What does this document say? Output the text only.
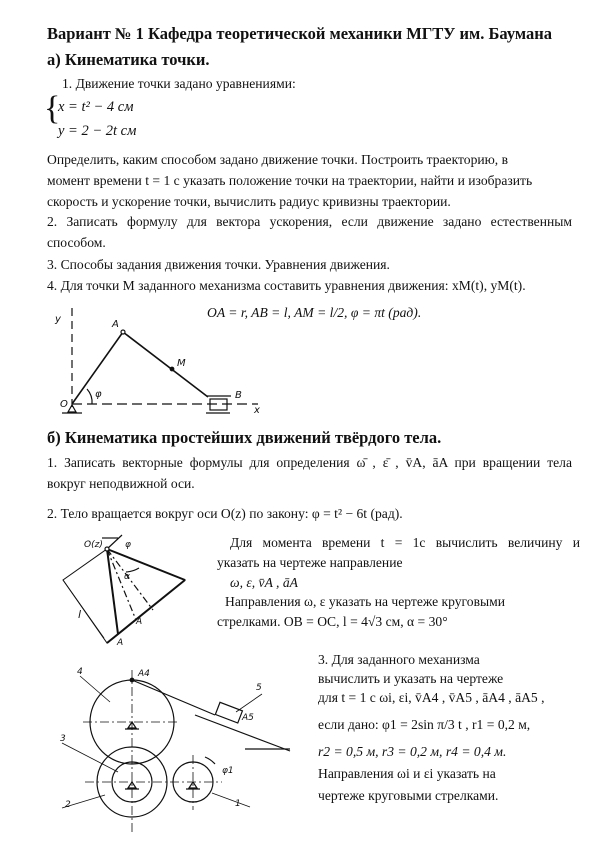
Вариант № 1 Кафедра теоретической механики МГТУ им. Баумана
а) Кинематика точки.
1. Движение точки задано уравнениями:
{
x = t² − 4 см
y = 2 − 2t см
Определить, каким способом задано движение точки. Построить траекторию, в
момент времени t = 1 с указать положение точки на траектории, найти и изобразить
скорость и ускорение точки, вычислить радиус кривизны траектории.
2. Записать формулу для вектора ускорения, если движение задано естественным
способом.
3. Способы задания движения точки. Уравнения движения.
4. Для точки M заданного механизма составить уравнения движения: xM(t), yM(t).
OA = r, AB = l, AM = l/2, φ = πt (рад).
y	A
M
B
O
x
φ
O(z) φ
l
α
A
A
4
3
2	1
5
A4
A5
φ1
б) Кинематика простейших движений твёрдого тела.
1. Записать векторные формулы для определения ω̄ , ε̄ , v̄A, āA при вращении тела
вокруг неподвижной оси.
2. Тело вращается вокруг оси O(z) по закону: φ = t² − 6t (рад).
Для момента времени t = 1c вычислить величину и
указать на чертеже направление
ω, ε, v̄A , āA
Направления ω, ε указать на чертеже круговыми
стрелками. OB = OC, l = 4√3 см, α = 30°
3. Для заданного механизма
вычислить и указать на чертеже
для t = 1 c ωi, εi, v̄A4 , v̄A5 , āA4 , āA5 ,
если дано: φ1 = 2sin π/3 t , r1 = 0,2 м,
r2 = 0,5 м, r3 = 0,2 м, r4 = 0,4 м.
Направления ωi и εi указать на
чертеже круговыми стрелками.
